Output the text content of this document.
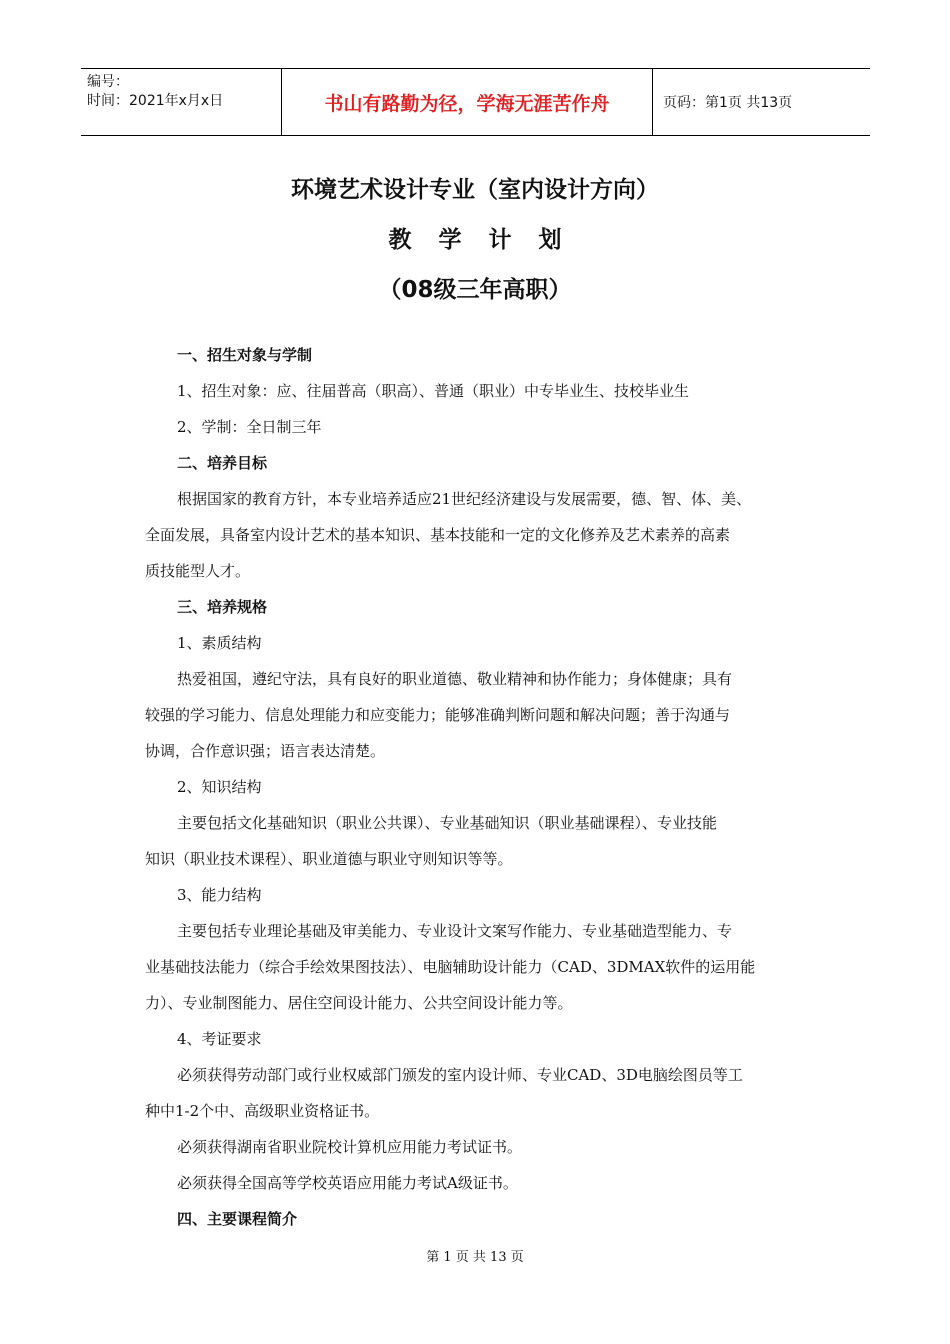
编号：
时间：2021年x月x日	书山有路勤为径，学海无涯苦作舟	页码：第1页 共13页
环境艺术设计专业（室内设计方向）
教学计划
（08级三年高职）
一、招生对象与学制
1、招生对象：应、往届普高（职高）、普通（职业）中专毕业生、技校毕业生
2、学制：全日制三年
二、培养目标
根据国家的教育方针，本专业培养适应21世纪经济建设与发展需要，德、智、体、美、
全面发展，具备室内设计艺术的基本知识、基本技能和一定的文化修养及艺术素养的高素
质技能型人才。
三、培养规格
1、素质结构
热爱祖国，遵纪守法，具有良好的职业道德、敬业精神和协作能力；身体健康；具有
较强的学习能力、信息处理能力和应变能力；能够准确判断问题和解决问题；善于沟通与
协调，合作意识强；语言表达清楚。
2、知识结构
主要包括文化基础知识（职业公共课）、专业基础知识（职业基础课程）、专业技能
知识（职业技术课程）、职业道德与职业守则知识等等。
3、能力结构
主要包括专业理论基础及审美能力、专业设计文案写作能力、专业基础造型能力、专
业基础技法能力（综合手绘效果图技法）、电脑辅助设计能力（CAD、3DMAX软件的运用能
力）、专业制图能力、居住空间设计能力、公共空间设计能力等。
4、考证要求
必须获得劳动部门或行业权威部门颁发的室内设计师、专业CAD、3D电脑绘图员等工
种中1-2个中、高级职业资格证书。
必须获得湖南省职业院校计算机应用能力考试证书。
必须获得全国高等学校英语应用能力考试A级证书。
四、主要课程简介
第 1 页 共 13 页
